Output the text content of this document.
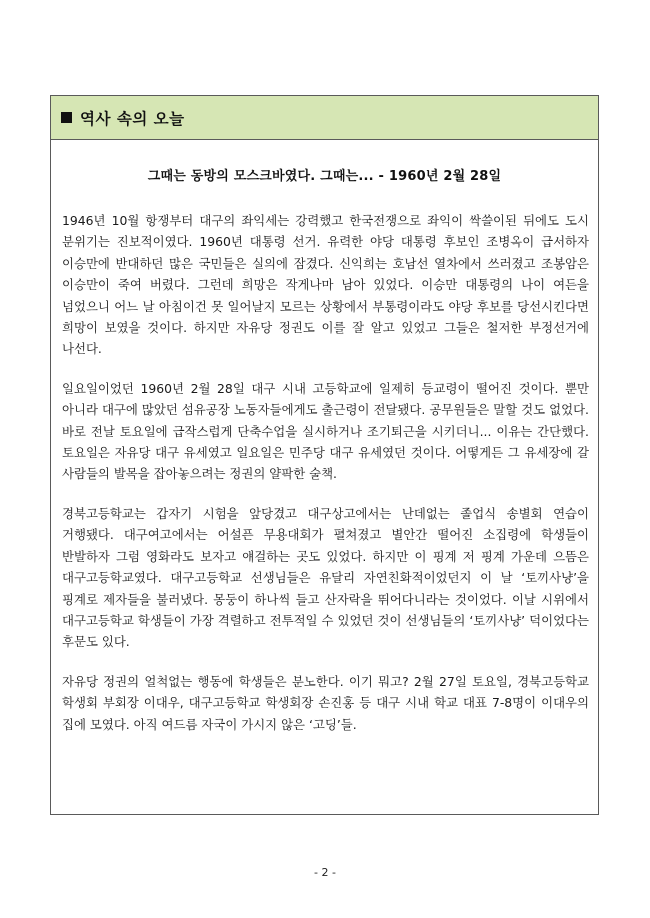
역사 속의 오늘
그때는 동방의 모스크바였다. 그때는... - 1960년 2월 28일

1946년 10월 항쟁부터 대구의 좌익세는 강력했고 한국전쟁으로 좌익이 싹쓸이된 뒤에도 도시 분위기는 진보적이였다. 1960년 대통령 선거. 유력한 야당 대통령 후보인 조병옥이 급서하자 이승만에 반대하던 많은 국민들은 실의에 잠겼다. 신익희는 호남선 열차에서 쓰러졌고 조봉암은 이승만이 죽여 버렸다. 그런데 희망은 작게나마 남아 있었다. 이승만 대통령의 나이 여든을 넘었으니 어느 날 아침이건 못 일어날지 모르는 상황에서 부통령이라도 야당 후보를 당선시킨다면 희망이 보였을 것이다. 하지만 자유당 정권도 이를 잘 알고 있었고 그들은 철저한 부정선거에 나선다.

일요일이었던 1960년 2월 28일 대구 시내 고등학교에 일제히 등교령이 떨어진 것이다. 뿐만 아니라 대구에 많았던 섬유공장 노동자들에게도 출근령이 전달됐다. 공무원들은 말할 것도 없었다. 바로 전날 토요일에 급작스럽게 단축수업을 실시하거나 조기퇴근을 시키더니... 이유는 간단했다. 토요일은 자유당 대구 유세였고 일요일은 민주당 대구 유세였던 것이다. 어떻게든 그 유세장에 갈 사람들의 발목을 잡아놓으려는 정권의 얄팍한 술책.

경북고등학교는 갑자기 시험을 앞당겼고 대구상고에서는 난데없는 졸업식 송별회 연습이 거행됐다. 대구여고에서는 어설픈 무용대회가 펼쳐졌고 별안간 떨어진 소집령에 학생들이 반발하자 그럼 영화라도 보자고 얘걸하는 곳도 있었다. 하지만 이 핑계 저 핑계 가운데 으뜸은 대구고등학교였다. 대구고등학교 선생님들은 유달리 자연친화적이었던지 이 날 ‘토끼사냥’을 핑계로 제자들을 불러냈다. 몽둥이 하나씩 들고 산자락을 뛰어다니라는 것이었다. 이날 시위에서 대구고등학교 학생들이 가장 격렬하고 전투적일 수 있었던 것이 선생님들의 ‘토끼사냥’ 덕이었다는 후문도 있다.

자유당 정권의 얼척없는 행동에 학생들은 분노한다. 이기 뭐고? 2월 27일 토요일, 경북고등학교 학생회 부회장 이대우, 대구고등학교 학생회장 손진홍 등 대구 시내 학교 대표 7-8명이 이대우의 집에 모였다. 아직 여드름 자국이 가시지 않은 ‘고딩’들.

- 2 -
